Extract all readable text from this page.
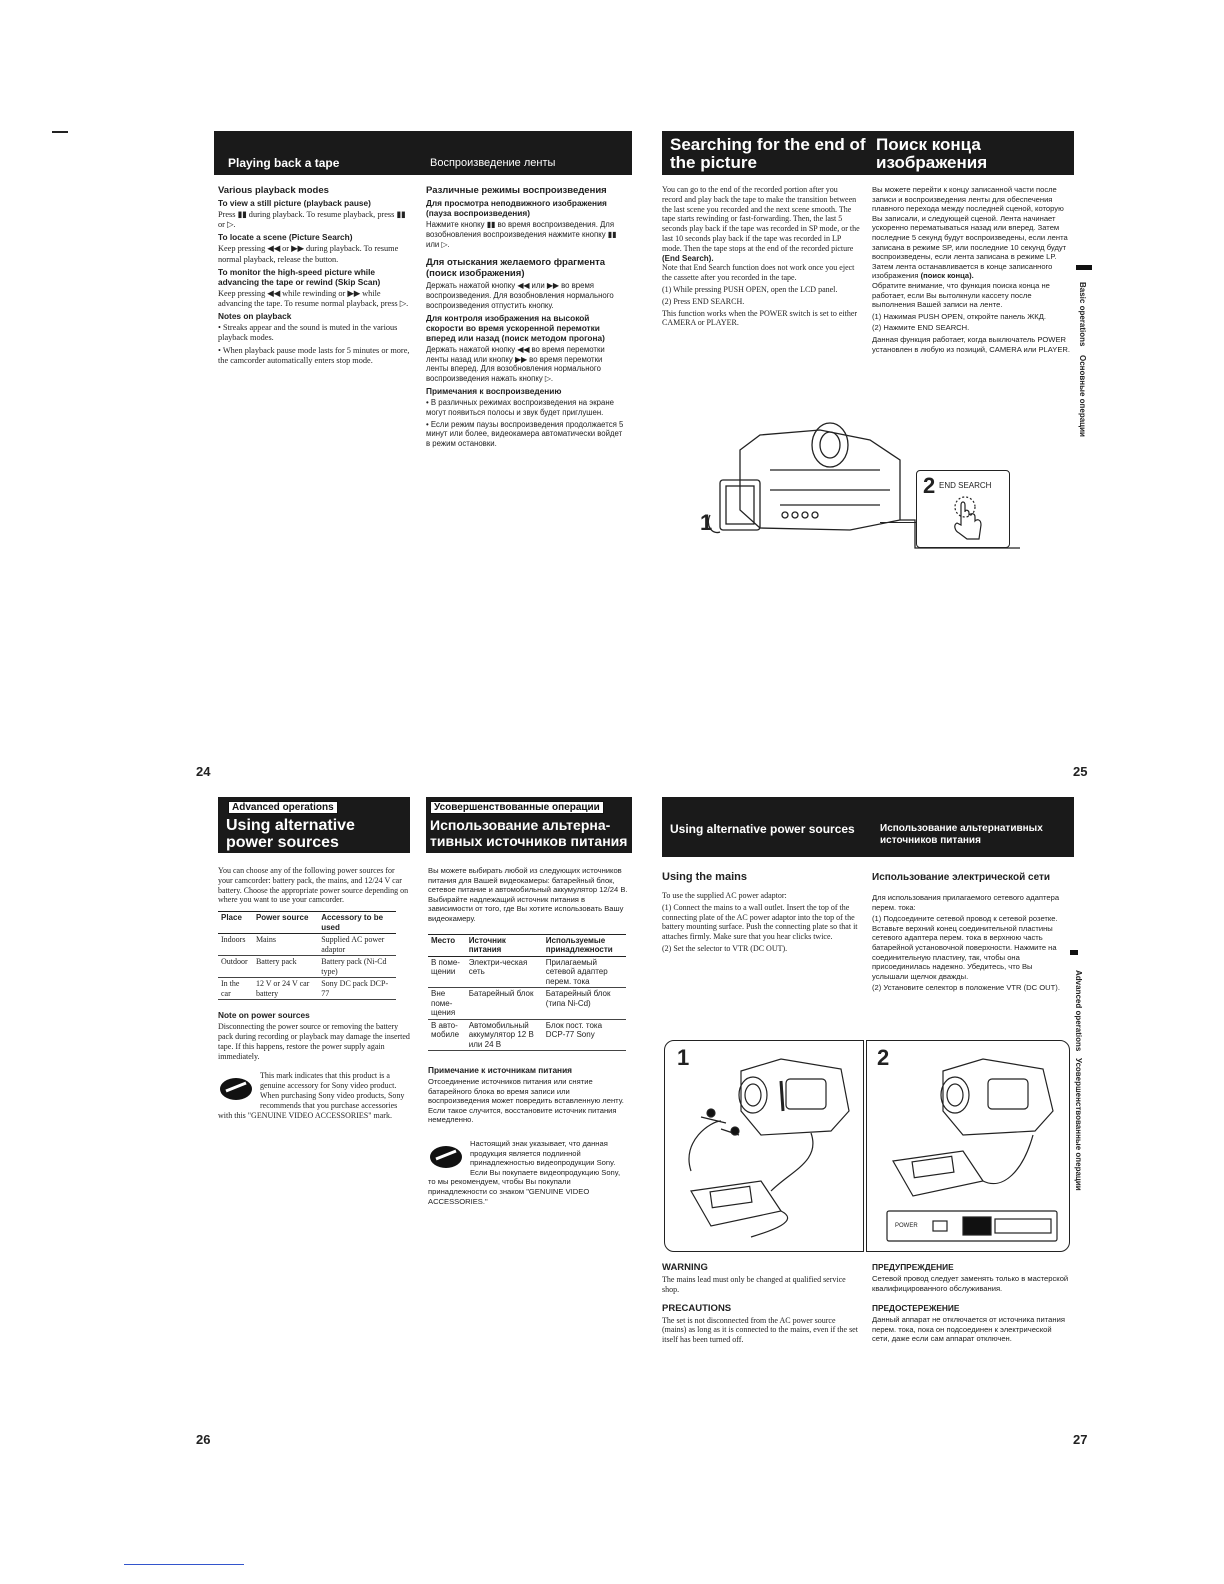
Playing back a tape	Воспроизведение ленты
Searching for the end of the picture
Поиск конца изображения

Various playback modes

To view a still picture (playback pause)

Press ▮▮ during playback. To resume playback, press ▮▮ or ▷.

To locate a scene (Picture Search)

Keep pressing ◀◀ or ▶▶ during playback. To resume normal playback, release the button.

To monitor the high-speed picture while advancing the tape or rewind (Skip Scan)

Keep pressing ◀◀ while rewinding or ▶▶ while advancing the tape. To resume normal playback, press ▷.

Notes on playback

• Streaks appear and the sound is muted in the various playback modes.

• When playback pause mode lasts for 5 minutes or more, the camcorder automatically enters stop mode.

Различные режимы воспроизведения

Для просмотра неподвижного изображения (пауза воспроизведения)

Нажмите кнопку ▮▮ во время воспроизведения. Для возобновления воспроизведения нажмите кнопку ▮▮ или ▷.

Для отыскания желаемого фрагмента (поиск изображения)

Держать нажатой кнопку ◀◀ или ▶▶ во время воспроизведения. Для возобновления нормального воспроизведения отпустить кнопку.

Для контроля изображения на высокой скорости во время ускоренной перемотки вперед или назад (поиск методом прогона)

Держать нажатой кнопку ◀◀ во время перемотки ленты назад или кнопку ▶▶ во время перемотки ленты вперед. Для возобновления нормального воспроизведения нажать кнопку ▷.

Примечания к воспроизведению

• В различных режимах воспроизведения на экране могут появиться полосы и звук будет приглушен.

• Если режим паузы воспроизведения продолжается 5 минут или более, видеокамера автоматически войдет в режим остановки.

You can go to the end of the recorded portion after you record and play back the tape to make the transition between the last scene you recorded and the next scene smooth. The tape starts rewinding or fast-forwarding. Then, the last 5 seconds play back if the tape was recorded in SP mode, or the last 10 seconds play back if the tape was recorded in LP mode. Then the tape stops at the end of the recorded picture (End Search).

Note that End Search function does not work once you eject the cassette after you recorded in the tape.

(1) While pressing PUSH OPEN, open the LCD panel.

(2) Press END SEARCH.

This function works when the POWER switch is set to either CAMERA or PLAYER.

Вы можете перейти к концу записанной части после записи и воспроизведения ленты для обеспечения плавного перехода между последней сценой, которую Вы записали, и следующей сценой. Лента начинает ускоренно перематываться назад или вперед. Затем последние 5 секунд будут воспроизведены, если лента записана в режиме SP, или последние 10 секунд будут воспроизведены, если лента записана в режиме LP. Затем лента останавливается в конце записанного изображения (поиск конца).

Обратите внимание, что функция поиска конца не работает, если Вы вытолкнули кассету после выполнения Вашей записи на ленте.

(1) Нажимая PUSH OPEN, откройте панель ЖКД.

(2) Нажмите END SEARCH.

Данная функция работает, когда выключатель POWER установлен в любую из позиций, CAMERA или PLAYER.

Basic operations
Основные операции
1
2 END SEARCH
24	25
Advanced operations
Using alternative power sources
Усовершенствованные операции
Использование альтерна-тивных источников питания
Using alternative power sources	Использование альтернативных источников питания

You can choose any of the following power sources for your camcorder: battery pack, the mains, and 12/24 V car battery. Choose the appropriate power source depending on where you want to use your camcorder.

Place	Power source	Accessory to be used
Indoors	Mains	Supplied AC power adaptor
Outdoor	Battery pack	Battery pack (Ni-Cd type)
In the car	12 V or 24 V car battery	Sony DC pack DCP-77

Note on power sources

Disconnecting the power source or removing the battery pack during recording or playback may damage the inserted tape. If this happens, restore the power supply again immediately.

This mark indicates that this product is a genuine accessory for Sony video product. When purchasing Sony video products, Sony recommends that you purchase accessories with this "GENUINE VIDEO ACCESSORIES" mark.

Вы можете выбирать любой из следующих источников питания для Вашей видеокамеры: батарейный блок, сетевое питание и автомобильный аккумулятор 12/24 В. Выбирайте надлежащий источник питания в зависимости от того, где Вы хотите использовать Вашу видеокамеру.

Место	Источник питания	Используемые принадлежности
В поме-щении	Электри-ческая сеть	Прилагаемый сетевой адаптер перем. тока
Вне поме-щения	Батарейный блок	Батарейный блок (типа Ni-Cd)
В авто-мобиле	Автомобильный аккумулятор 12 В или 24 В	Блок пост. тока DCP-77 Sony

Примечание к источникам питания

Отсоединение источников питания или снятие батарейного блока во время записи или воспроизведения может повредить вставленную ленту. Если такое случится, восстановите источник питания немедленно.

Настоящий знак указывает, что данная продукция является подлинной принадлежностью видеопродукции Sony. Если Вы покупаете видеопродукцию Sony, то мы рекомендуем, чтобы Вы покупали принадлежности со знаком "GENUINE VIDEO ACCESSORIES."

Using the mains

To use the supplied AC power adaptor:

(1) Connect the mains to a wall outlet. Insert the top of the connecting plate of the AC power adaptor into the top of the battery mounting surface. Push the connecting plate so that it attaches firmly. Make sure that you hear clicks twice.

(2) Set the selector to VTR (DC OUT).

Использование электрической сети

Для использования прилагаемого сетевого адаптера перем. тока:

(1) Подсоедините сетевой провод к сетевой розетке. Вставьте верхний конец соединительной пластины сетевого адаптера перем. тока в верхнюю часть батарейной установочной поверхности. Нажмите на соединительную пластину, так, чтобы она присоединилась надежно. Убедитесь, что Вы услышали щелчок дважды.

(2) Установите селектор в положение VTR (DC OUT).	Advanced operations
Усовершенствованные операции
1	2
POWER

WARNING

The mains lead must only be changed at qualified service shop.

PRECAUTIONS

The set is not disconnected from the AC power source (mains) as long as it is connected to the mains, even if the set itself has been turned off.

ПРЕДУПРЕЖДЕНИЕ

Сетевой провод следует заменять только в мастерской квалифицированного обслуживания.

ПРЕДОСТЕРЕЖЕНИЕ

Данный аппарат не отключается от источника питания перем. тока, пока он подсоединен к электрической сети, даже если сам аппарат отключен.

26	27
